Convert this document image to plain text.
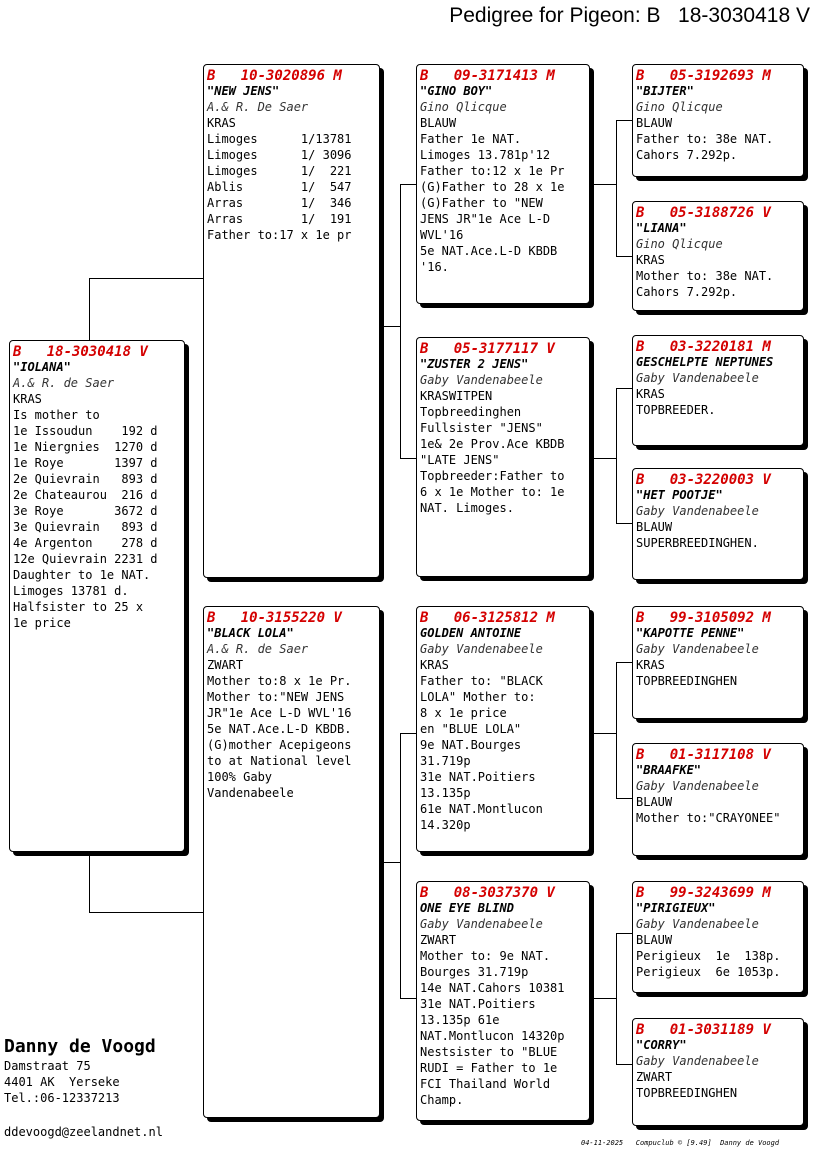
Pedigree for Pigeon: B   18-3030418 V
B   18-3030418 V
"IOLANA"
A.& R. de Saer
KRAS
Is mother to
1e Issoudun    192 d
1e Niergnies  1270 d
1e Roye       1397 d
2e Quievrain   893 d
2e Chateaurou  216 d
3e Roye       3672 d
3e Quievrain   893 d
4e Argenton    278 d
12e Quievrain 2231 d
Daughter to 1e NAT.
Limoges 13781 d.
Halfsister to 25 x
1e price
B   10-3020896 M
"NEW JENS"
A.& R. De Saer
KRAS
Limoges      1/13781
Limoges      1/ 3096
Limoges      1/  221
Ablis        1/  547
Arras        1/  346
Arras        1/  191
Father to:17 x 1e pr
B   10-3155220 V
"BLACK LOLA"
A.& R. de Saer
ZWART
Mother to:8 x 1e Pr.
Mother to:"NEW JENS
JR"1e Ace L-D WVL'16
5e NAT.Ace.L-D KBDB.
(G)mother Acepigeons
to at National level
100% Gaby
Vandenabeele
B   09-3171413 M
"GINO BOY"
Gino Qlicque
BLAUW
Father 1e NAT.
Limoges 13.781p'12
Father to:12 x 1e Pr
(G)Father to 28 x 1e
(G)Father to "NEW
JENS JR"1e Ace L-D
WVL'16
5e NAT.Ace.L-D KBDB
'16.
B   05-3177117 V
"ZUSTER 2 JENS"
Gaby Vandenabeele
KRASWITPEN
Topbreedinghen
Fullsister "JENS"
1e& 2e Prov.Ace KBDB
"LATE JENS"
Topbreeder:Father to
6 x 1e Mother to: 1e
NAT. Limoges.
B   06-3125812 M
GOLDEN ANTOINE
Gaby Vandenabeele
KRAS
Father to: "BLACK
LOLA" Mother to:
8 x 1e price
en "BLUE LOLA"
9e NAT.Bourges
31.719p
31e NAT.Poitiers
13.135p
61e NAT.Montlucon
14.320p
B   08-3037370 V
ONE EYE BLIND
Gaby Vandenabeele
ZWART
Mother to: 9e NAT.
Bourges 31.719p
14e NAT.Cahors 10381
31e NAT.Poitiers
13.135p 61e
NAT.Montlucon 14320p
Nestsister to "BLUE
RUDI = Father to 1e
FCI Thailand World
Champ.
B   05-3192693 M
"BIJTER"
Gino Qlicque
BLAUW
Father to: 38e NAT.
Cahors 7.292p.
B   05-3188726 V
"LIANA"
Gino Qlicque
KRAS
Mother to: 38e NAT.
Cahors 7.292p.
B   03-3220181 M
GESCHELPTE NEPTUNES
Gaby Vandenabeele
KRAS
TOPBREEDER.
B   03-3220003 V
"HET POOTJE"
Gaby Vandenabeele
BLAUW
SUPERBREEDINGHEN.
B   99-3105092 M
"KAPOTTE PENNE"
Gaby Vandenabeele
KRAS
TOPBREEDINGHEN
B   01-3117108 V
"BRAAFKE"
Gaby Vandenabeele
BLAUW
Mother to:"CRAYONEE"
B   99-3243699 M
"PIRIGIEUX"
Gaby Vandenabeele
BLAUW
Perigieux  1e  138p.
Perigieux  6e 1053p.
B   01-3031189 V
"CORRY"
Gaby Vandenabeele
ZWART
TOPBREEDINGHEN
Danny de Voogd
Damstraat 75
4401 AK  Yerseke
Tel.:06-12337213
ddevoogd@zeelandnet.nl
04-11-2025   Compuclub © [9.49]  Danny de Voogd
